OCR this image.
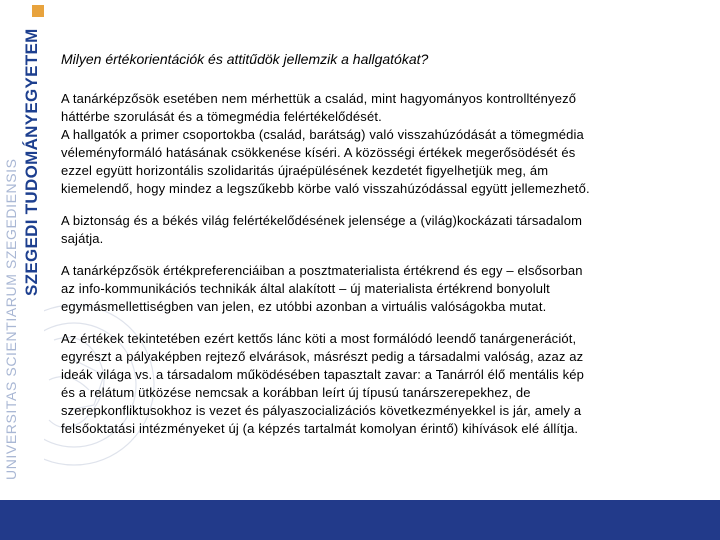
SZEGEDI TUDOMÁNYEGYETEM
UNIVERSITAS SCIENTIARUM SZEGEDIENSIS

Milyen értékorientációk és attitűdök jellemzik a hallgatókat?

A tanárképzősök esetében nem mérhettük a család, mint hagyományos kontrolltényező
háttérbe szorulását és a tömegmédia felértékelődését.
A hallgatók a primer csoportokba (család, barátság) való visszahúzódását a tömegmédia
véleményformáló hatásának csökkenése kíséri. A közösségi értékek megerősödését és
ezzel együtt horizontális szolidaritás újraépülésének kezdetét figyelhetjük meg, ám
kiemelendő, hogy mindez a legszűkebb körbe való visszahúzódással együtt jellemezhető.

A biztonság és a békés világ felértékelődésének jelensége a (világ)kockázati társadalom
sajátja.

A tanárképzősök értékpreferenciáiban a posztmaterialista értékrend és egy – elsősorban
az info-kommunikációs technikák által alakított – új materialista értékrend bonyolult
egymásmellettiségben van jelen, ez utóbbi azonban a virtuális valóságokba mutat.

Az értékek tekintetében ezért kettős lánc köti a most formálódó leendő tanárgenerációt,
egyrészt a pályaképben rejtező elvárások, másrészt pedig a társadalmi valóság, azaz az
ideák világa vs. a társadalom működésében tapasztalt zavar: a Tanárról élő mentális kép
és a relátum ütközése nemcsak a korábban leírt új típusú tanárszerepekhez, de
szerepkonfliktusokhoz is vezet és pályaszocializációs következményekkel is jár, amely a
felsőoktatási intézményeket új (a képzés tartalmát komolyan érintő) kihívások elé állítja.
